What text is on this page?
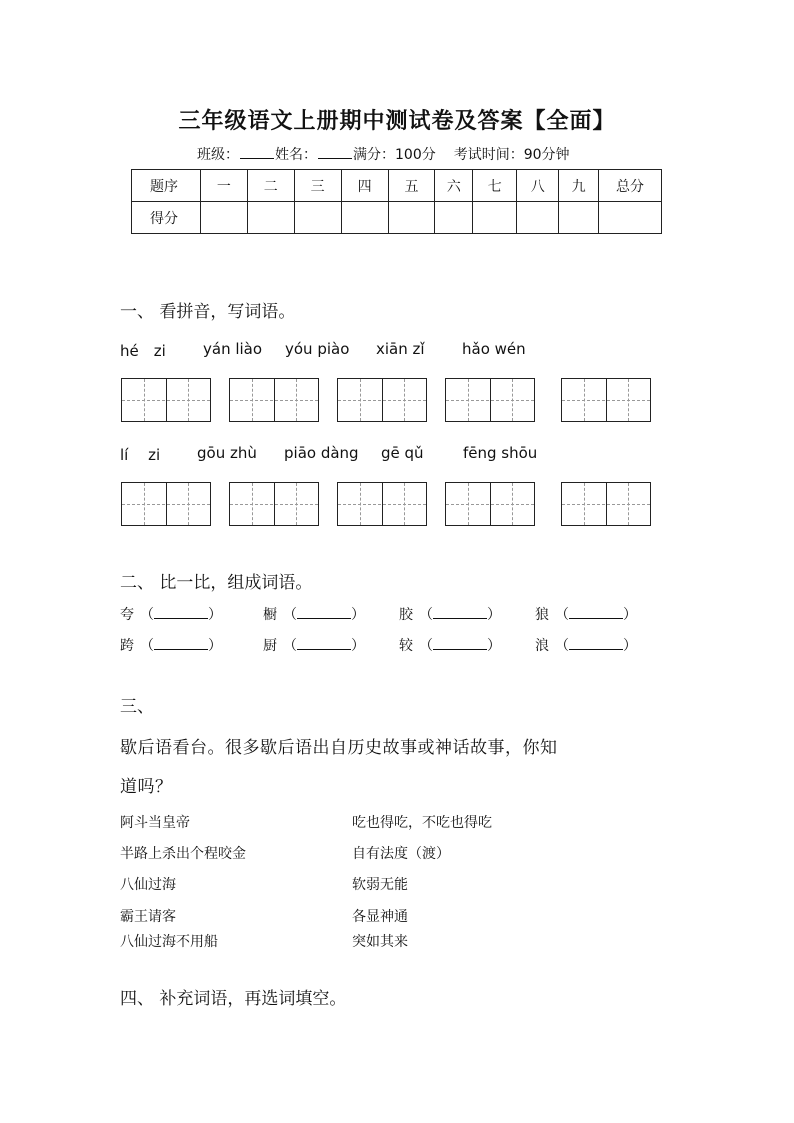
三年级语文上册期中测试卷及答案【全面】
班级：	姓名：	满分：100分 考试时间：90分钟
题序	一	二	三	四	五	六	七	八	九	总分
得分										
一、 看拼音，写词语。
hé　zi yán liào yóu piào xiān zǐ hǎo wén
lí　 zi gōu zhù piāo dàng gē qǔ	fēng shōu
二、 比一比，组成词语。
夸 （	）	橱 （	） 胶 （	） 狼 （	）
跨 （	）	厨 （	） 较 （	） 浪 （	）
三、
歇后语看台。很多歇后语出自历史故事或神话故事，你知
道吗？
阿斗当皇帝	吃也得吃，不吃也得吃
半路上杀出个程咬金	自有法度（渡）
八仙过海	软弱无能
霸王请客	各显神通
八仙过海不用船	突如其来
四、 补充词语，再选词填空。
